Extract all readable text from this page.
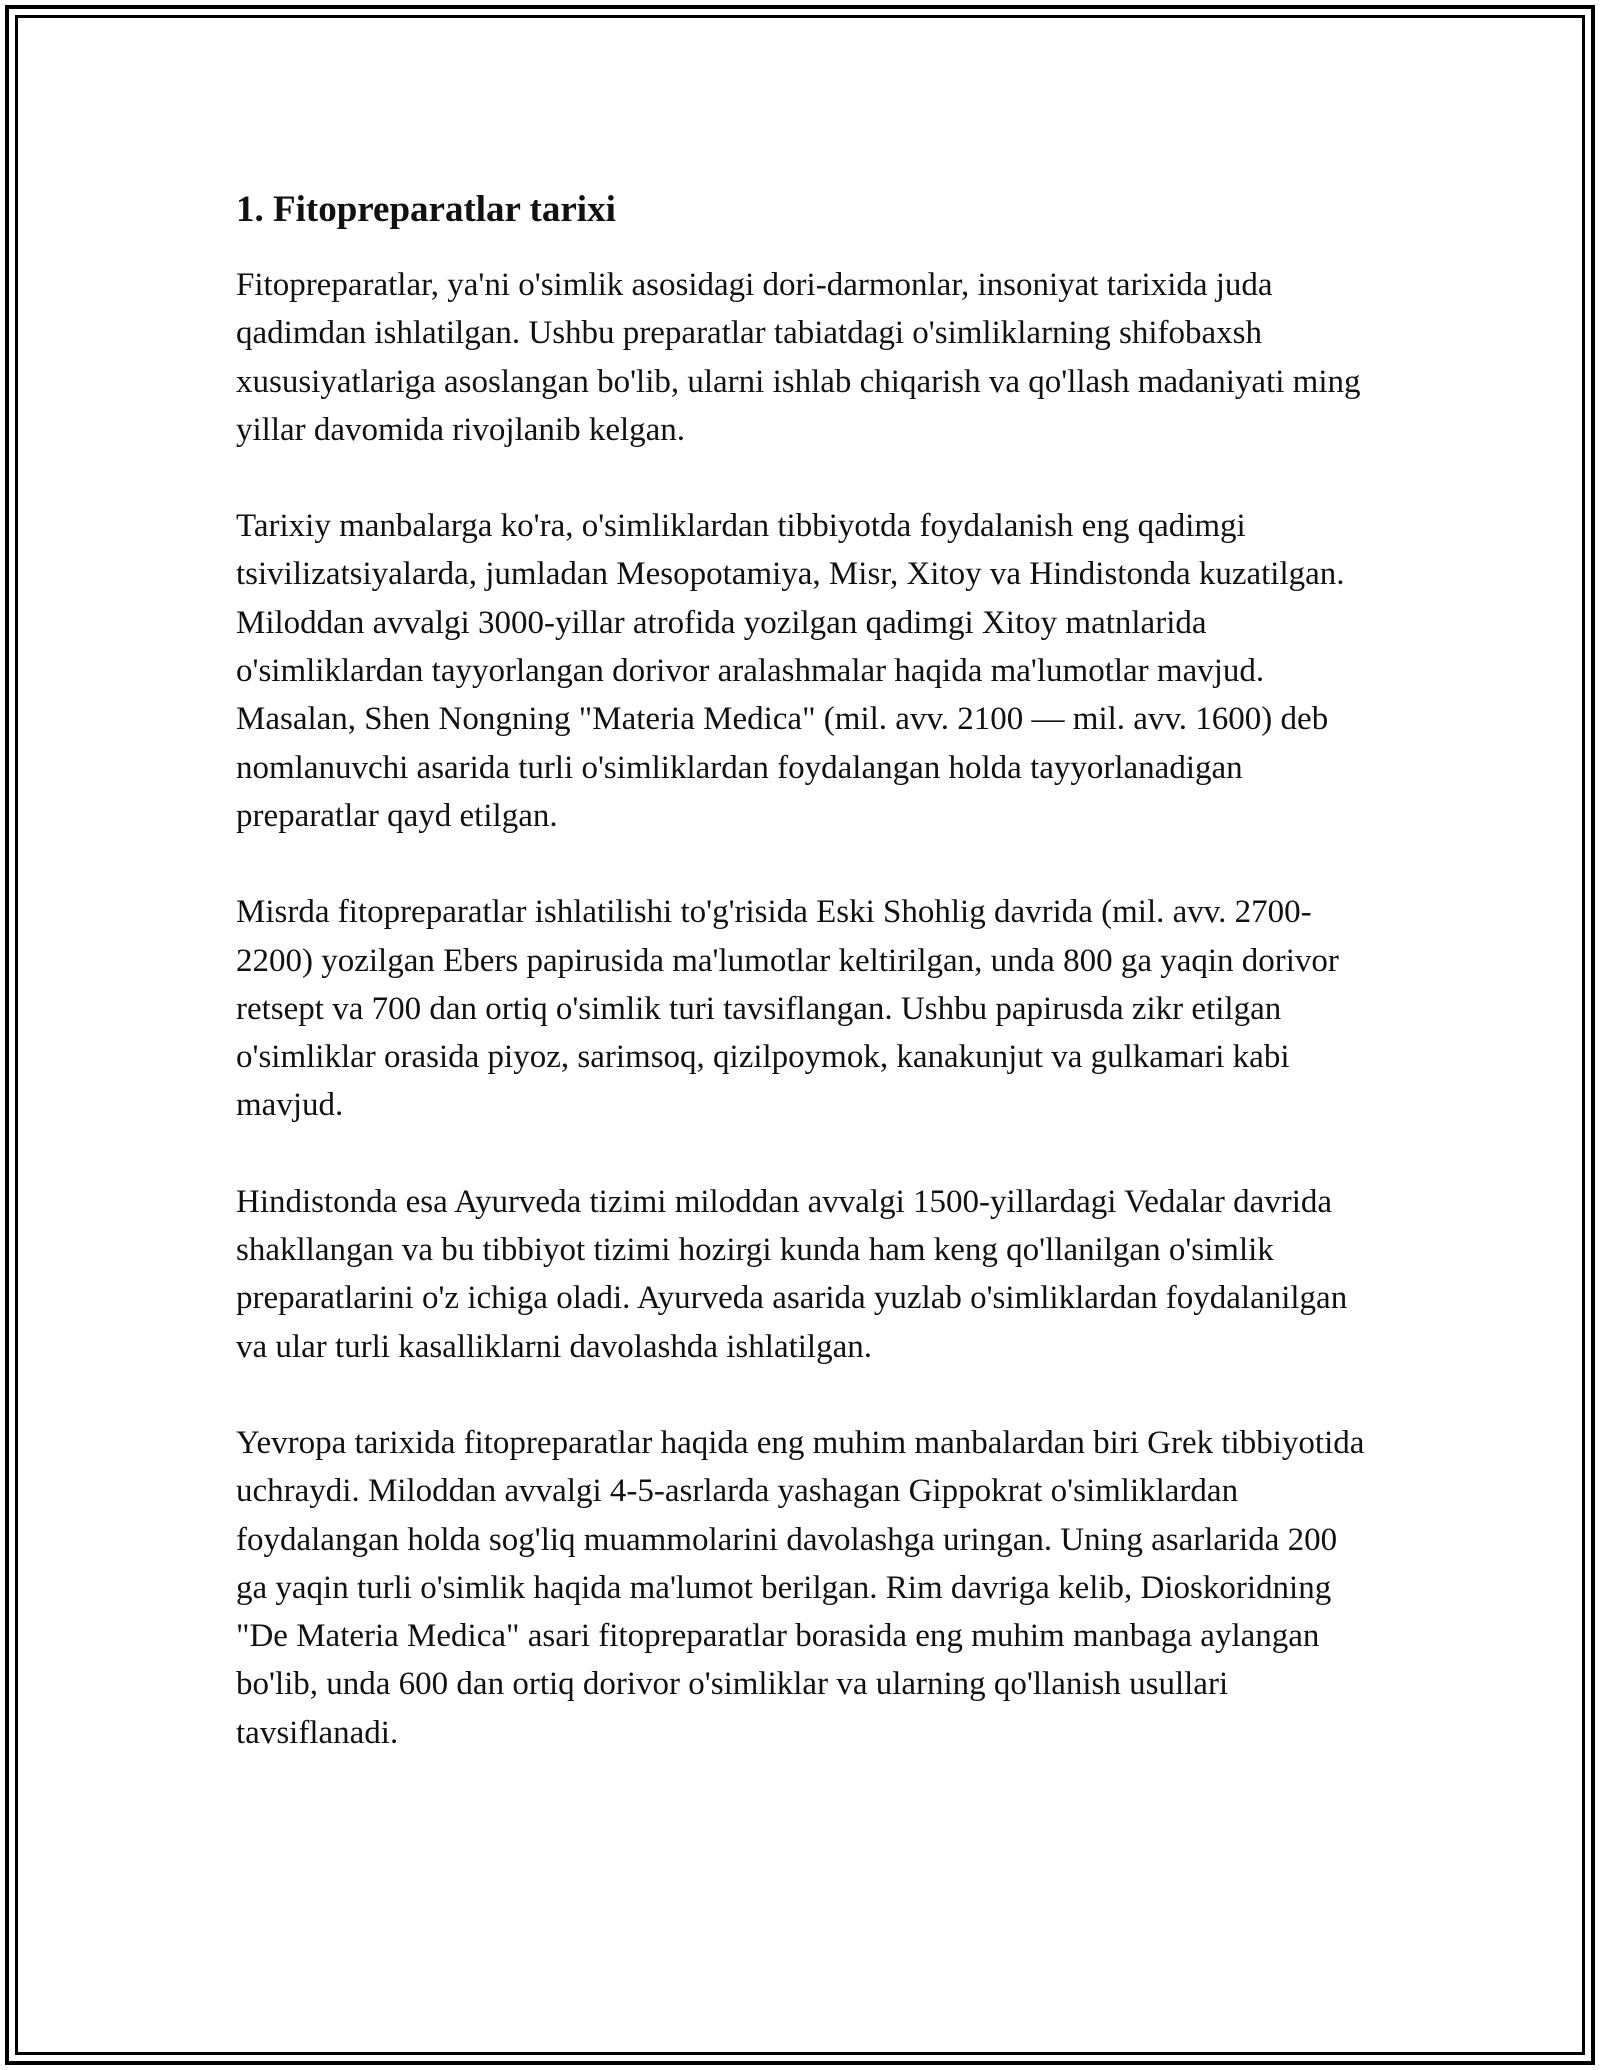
1. Fitopreparatlar tarixi

Fitopreparatlar, ya'ni o'simlik asosidagi dori-darmonlar, insoniyat tarixida juda qadimdan ishlatilgan. Ushbu preparatlar tabiatdagi o'simliklarning shifobaxsh xususiyatlariga asoslangan bo'lib, ularni ishlab chiqarish va qo'llash madaniyati ming yillar davomida rivojlanib kelgan.

Tarixiy manbalarga ko'ra, o'simliklardan tibbiyotda foydalanish eng qadimgi tsivilizatsiyalarda, jumladan Mesopotamiya, Misr, Xitoy va Hindistonda kuzatilgan. Miloddan avvalgi 3000-yillar atrofida yozilgan qadimgi Xitoy matnlarida o'simliklardan tayyorlangan dorivor aralashmalar haqida ma'lumotlar mavjud. Masalan, Shen Nongning "Materia Medica" (mil. avv. 2100 — mil. avv. 1600) deb nomlanuvchi asarida turli o'simliklardan foydalangan holda tayyorlanadigan preparatlar qayd etilgan.

Misrda fitopreparatlar ishlatilishi to'g'risida Eski Shohlig davrida (mil. avv. 2700-2200) yozilgan Ebers papirusida ma'lumotlar keltirilgan, unda 800 ga yaqin dorivor retsept va 700 dan ortiq o'simlik turi tavsiflangan. Ushbu papirusda zikr etilgan o'simliklar orasida piyoz, sarimsoq, qizilpoymok, kanakunjut va gulkamari kabi mavjud.

Hindistonda esa Ayurveda tizimi miloddan avvalgi 1500-yillardagi Vedalar davrida shakllangan va bu tibbiyot tizimi hozirgi kunda ham keng qo'llanilgan o'simlik preparatlarini o'z ichiga oladi. Ayurveda asarida yuzlab o'simliklardan foydalanilgan va ular turli kasalliklarni davolashda ishlatilgan.

Yevropa tarixida fitopreparatlar haqida eng muhim manbalardan biri Grek tibbiyotida uchraydi. Miloddan avvalgi 4-5-asrlarda yashagan Gippokrat o'simliklardan foydalangan holda sog'liq muammolarini davolashga uringan. Uning asarlarida 200 ga yaqin turli o'simlik haqida ma'lumot berilgan. Rim davriga kelib, Dioskoridning "De Materia Medica" asari fitopreparatlar borasida eng muhim manbaga aylangan bo'lib, unda 600 dan ortiq dorivor o'simliklar va ularning qo'llanish usullari tavsiflanadi.
